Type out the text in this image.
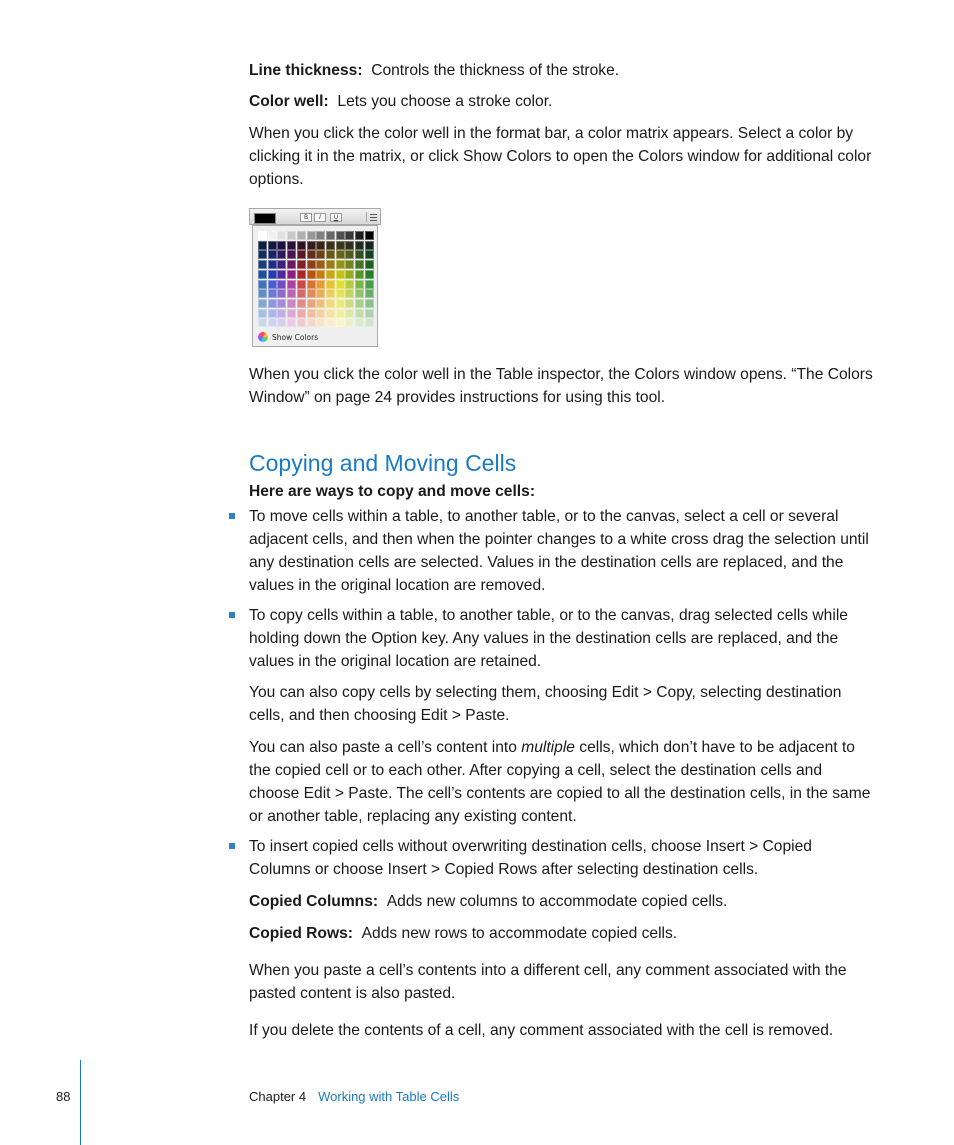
Line thickness: Controls the thickness of the stroke.

Color well: Lets you choose a stroke color.

When you click the color well in the format bar, a color matrix appears. Select a color by clicking it in the matrix, or click Show Colors to open the Colors window for additional color options.

B	I	U
Show Colors

When you click the color well in the Table inspector, the Colors window opens. “The Colors Window” on page 24 provides instructions for using this tool.

Copying and Moving Cells

Here are ways to copy and move cells:

To move cells within a table, to another table, or to the canvas, select a cell or several adjacent cells, and then when the pointer changes to a white cross drag the selection until any destination cells are selected. Values in the destination cells are replaced, and the values in the original location are removed.

To copy cells within a table, to another table, or to the canvas, drag selected cells while holding down the Option key. Any values in the destination cells are replaced, and the values in the original location are retained.

You can also copy cells by selecting them, choosing Edit > Copy, selecting destination cells, and then choosing Edit > Paste.

You can also paste a cell’s content into multiple cells, which don’t have to be adjacent to the copied cell or to each other. After copying a cell, select the destination cells and choose Edit > Paste. The cell’s contents are copied to all the destination cells, in the same or another table, replacing any existing content.

To insert copied cells without overwriting destination cells, choose Insert > Copied Columns or choose Insert > Copied Rows after selecting destination cells.

Copied Columns: Adds new columns to accommodate copied cells.

Copied Rows: Adds new rows to accommodate copied cells.

When you paste a cell’s contents into a different cell, any comment associated with the pasted content is also pasted.

If you delete the contents of a cell, any comment associated with the cell is removed.

88	Chapter 4 Working with Table Cells
